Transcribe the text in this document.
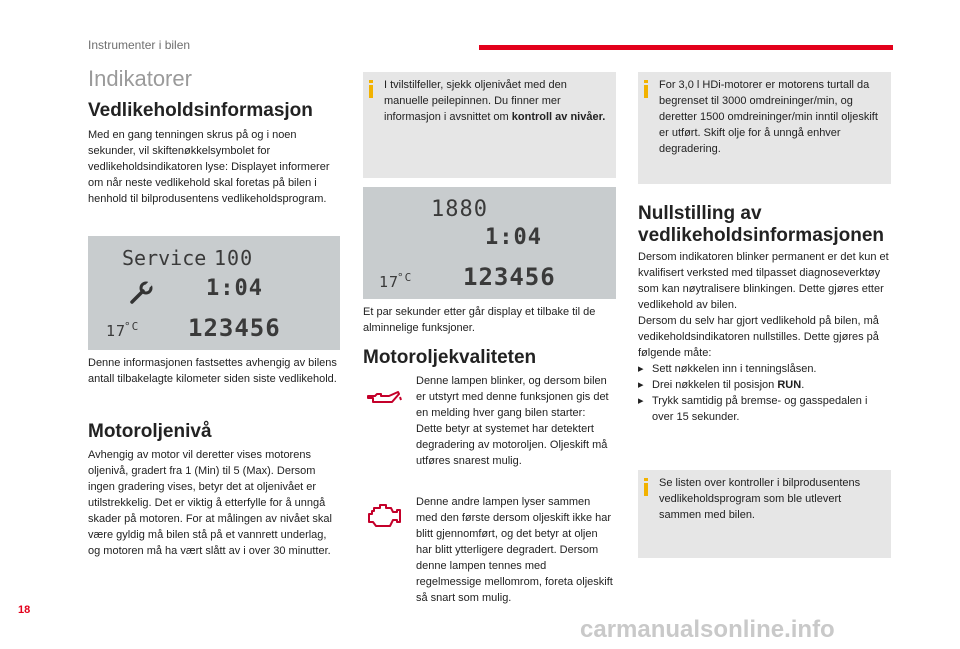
Instrumenter i bilen
Indikatorer
Vedlikeholdsinformasjon
Med en gang tenningen skrus på og i noen sekunder, vil skiftenøkkelsymbolet for vedlikeholdsindikatoren lyse: Displayet informerer om når neste vedlikehold skal foretas på bilen i henhold til bilprodusentens vedlikeholdsprogram.
Service 100
1:04
17
°C 123456
Denne informasjonen fastsettes avhengig av bilens antall tilbakelagte kilometer siden siste vedlikehold.
Motoroljenivå
Avhengig av motor vil deretter vises motorens oljenivå, gradert fra 1 (Min) til 5 (Max). Dersom ingen gradering vises, betyr det at oljenivået er utilstrekkelig. Det er viktig å etterfylle for å unngå skader på motoren. For at målingen av nivået skal være gyldig må bilen stå på et vannrett underlag, og motoren må ha vært slått av i over 30 minutter.
I tvilstilfeller, sjekk oljenivået med den manuelle peilepinnen. Du finner mer informasjon i avsnittet om kontroll av nivåer.
1880
1:04
17
°C 123456
Et par sekunder etter går display et tilbake til de alminnelige funksjoner.
Motoroljekvaliteten
Denne lampen blinker, og dersom bilen er utstyrt med denne funksjonen gis det en melding hver gang bilen starter: Dette betyr at systemet har detektert degradering av motoroljen. Oljeskift må utføres snarest mulig.
Denne andre lampen lyser sammen med den første dersom oljeskift ikke har blitt gjennomført, og det betyr at oljen har blitt ytterligere degradert. Dersom denne lampen tennes med regelmessige mellomrom, foreta oljeskift så snart som mulig.
For 3,0 l HDi-motorer er motorens turtall da begrenset til 3000 omdreininger/min, og deretter 1500 omdreininger/min inntil oljeskift er utført. Skift olje for å unngå enhver degradering.
Nullstilling av vedlikeholdsinformasjonen
Dersom indikatoren blinker permanent er det kun et kvalifisert verksted med tilpasset diagnoseverktøy som kan nøytralisere blinkingen. Dette gjøres etter vedlikehold av bilen.
Dersom du selv har gjort vedlikehold på bilen, må vedikeholdsindikatoren nullstilles. Dette gjøres på følgende måte:
▸ Sett nøkkelen inn i tenningslåsen.
▸ Drei nøkkelen til posisjon RUN.
▸ Trykk samtidig på bremse- og gasspedalen i over 15 sekunder.
Se listen over kontroller i bilprodusentens vedlikeholdsprogram som ble utlevert sammen med bilen.
18
carmanualsonline.info
